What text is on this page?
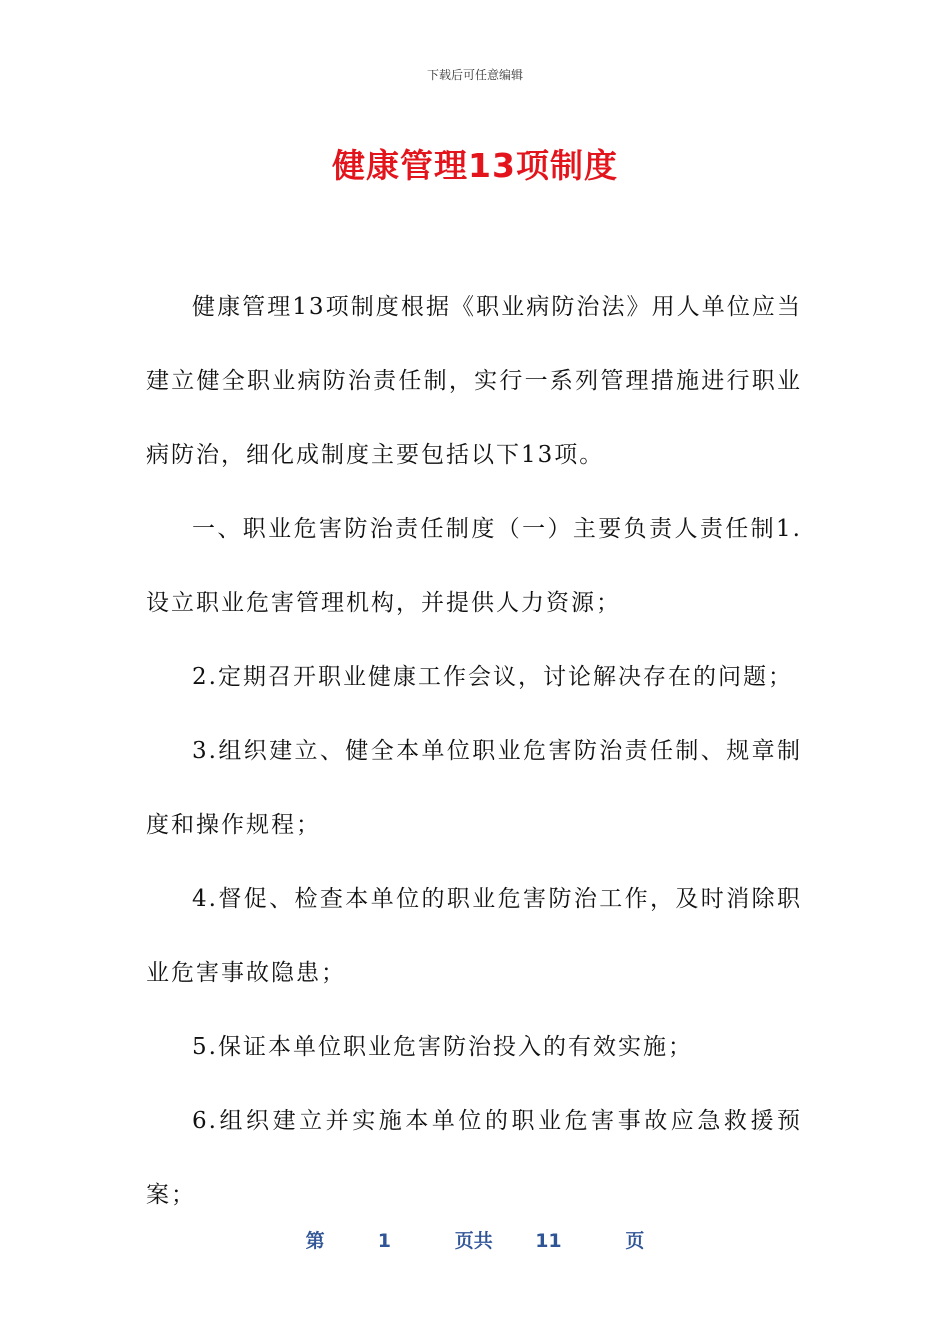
下载后可任意编辑
健康管理13项制度

健康管理13项制度根据《职业病防治法》用人单位应当建立健全职业病防治责任制，实行一系列管理措施进行职业病防治，细化成制度主要包括以下13项。

一、职业危害防治责任制度（一）主要负责人责任制1.设立职业危害管理机构，并提供人力资源；

2.定期召开职业健康工作会议，讨论解决存在的问题；

3.组织建立、健全本单位职业危害防治责任制、规章制度和操作规程；

4.督促、检查本单位的职业危害防治工作，及时消除职业危害事故隐患；

5.保证本单位职业危害防治投入的有效实施；

6.组织建立并实施本单位的职业危害事故应急救援预案；

第	1	页共 11	页
